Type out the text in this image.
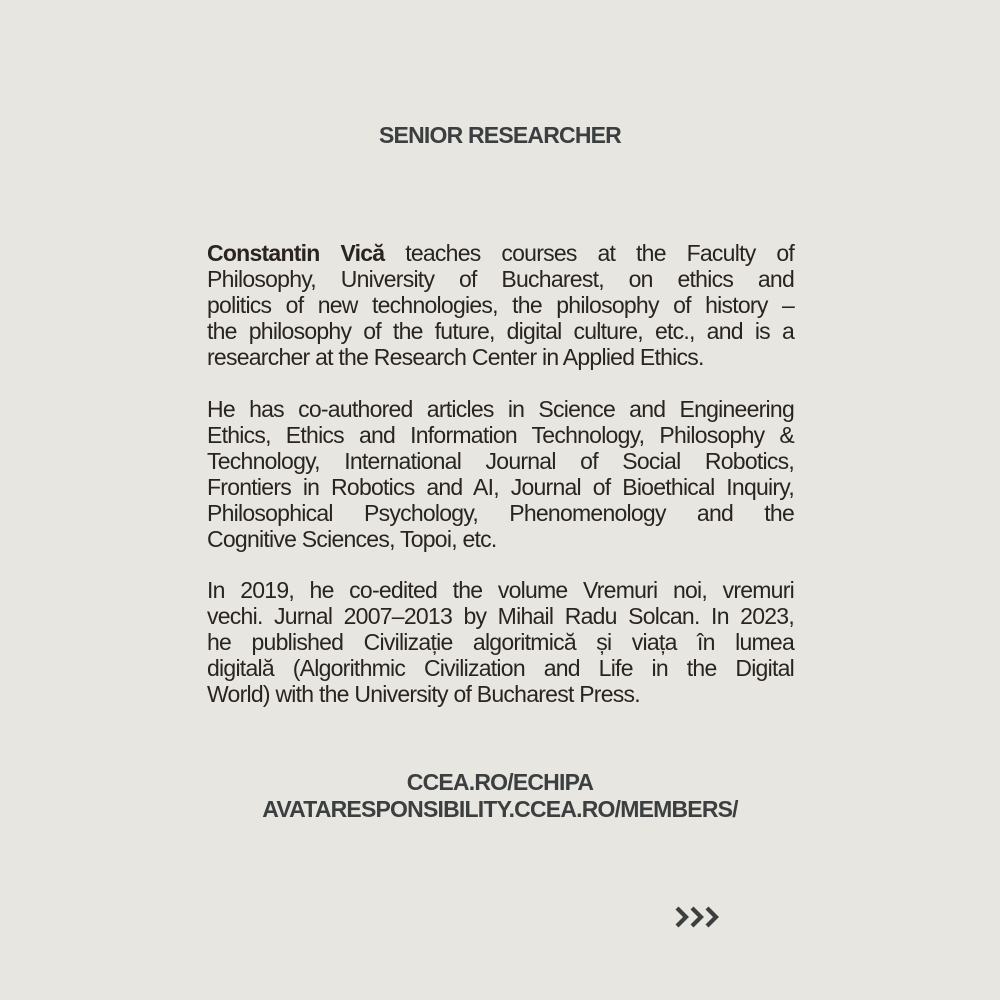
SENIOR RESEARCHER
Constantin Vică teaches courses at the Faculty of
Philosophy, University of Bucharest, on ethics and
politics of new technologies, the philosophy of history –
the philosophy of the future, digital culture, etc., and is a
researcher at the Research Center in Applied Ethics.
He has co-authored articles in Science and Engineering
Ethics, Ethics and Information Technology, Philosophy &
Technology, International Journal of Social Robotics,
Frontiers in Robotics and AI, Journal of Bioethical Inquiry,
Philosophical Psychology, Phenomenology and the
Cognitive Sciences, Topoi, etc.
In 2019, he co-edited the volume Vremuri noi, vremuri
vechi. Jurnal 2007–2013 by Mihail Radu Solcan. In 2023,
he published Civilizație algoritmică și viața în lumea
digitală (Algorithmic Civilization and Life in the Digital
World) with the University of Bucharest Press.
CCEA.RO/ECHIPA
AVATARESPONSIBILITY.CCEA.RO/MEMBERS/
